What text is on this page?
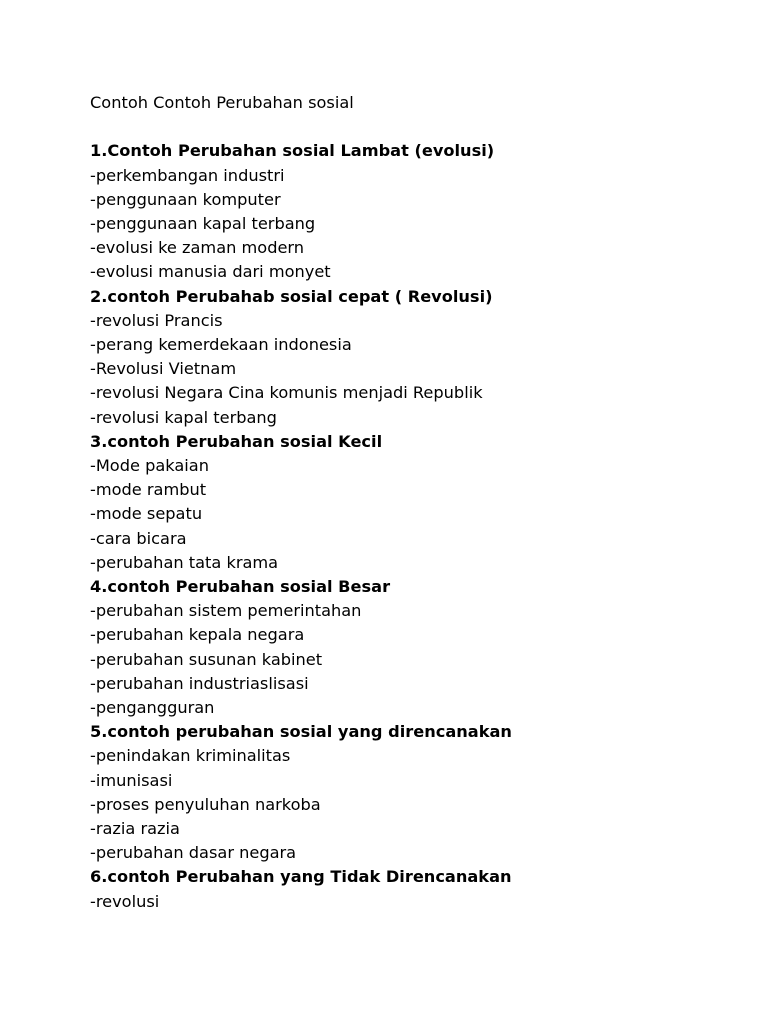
Contoh Contoh Perubahan sosial

1.Contoh Perubahan sosial Lambat (evolusi)

-perkembangan industri

-penggunaan komputer

-penggunaan kapal terbang

-evolusi ke zaman modern

-evolusi manusia dari monyet

2.contoh Perubahab sosial cepat ( Revolusi)

-revolusi Prancis

-perang kemerdekaan indonesia

-Revolusi Vietnam

-revolusi Negara Cina komunis menjadi Republik

-revolusi kapal terbang

3.contoh Perubahan sosial Kecil

-Mode pakaian

-mode rambut

-mode sepatu

-cara bicara

-perubahan tata krama

4.contoh Perubahan sosial Besar

-perubahan sistem pemerintahan

-perubahan kepala negara

-perubahan susunan kabinet

-perubahan industriaslisasi

-pengangguran

5.contoh perubahan sosial yang direncanakan

-penindakan kriminalitas

-imunisasi

-proses penyuluhan narkoba

-razia razia

-perubahan dasar negara

6.contoh Perubahan yang Tidak Direncanakan

-revolusi
